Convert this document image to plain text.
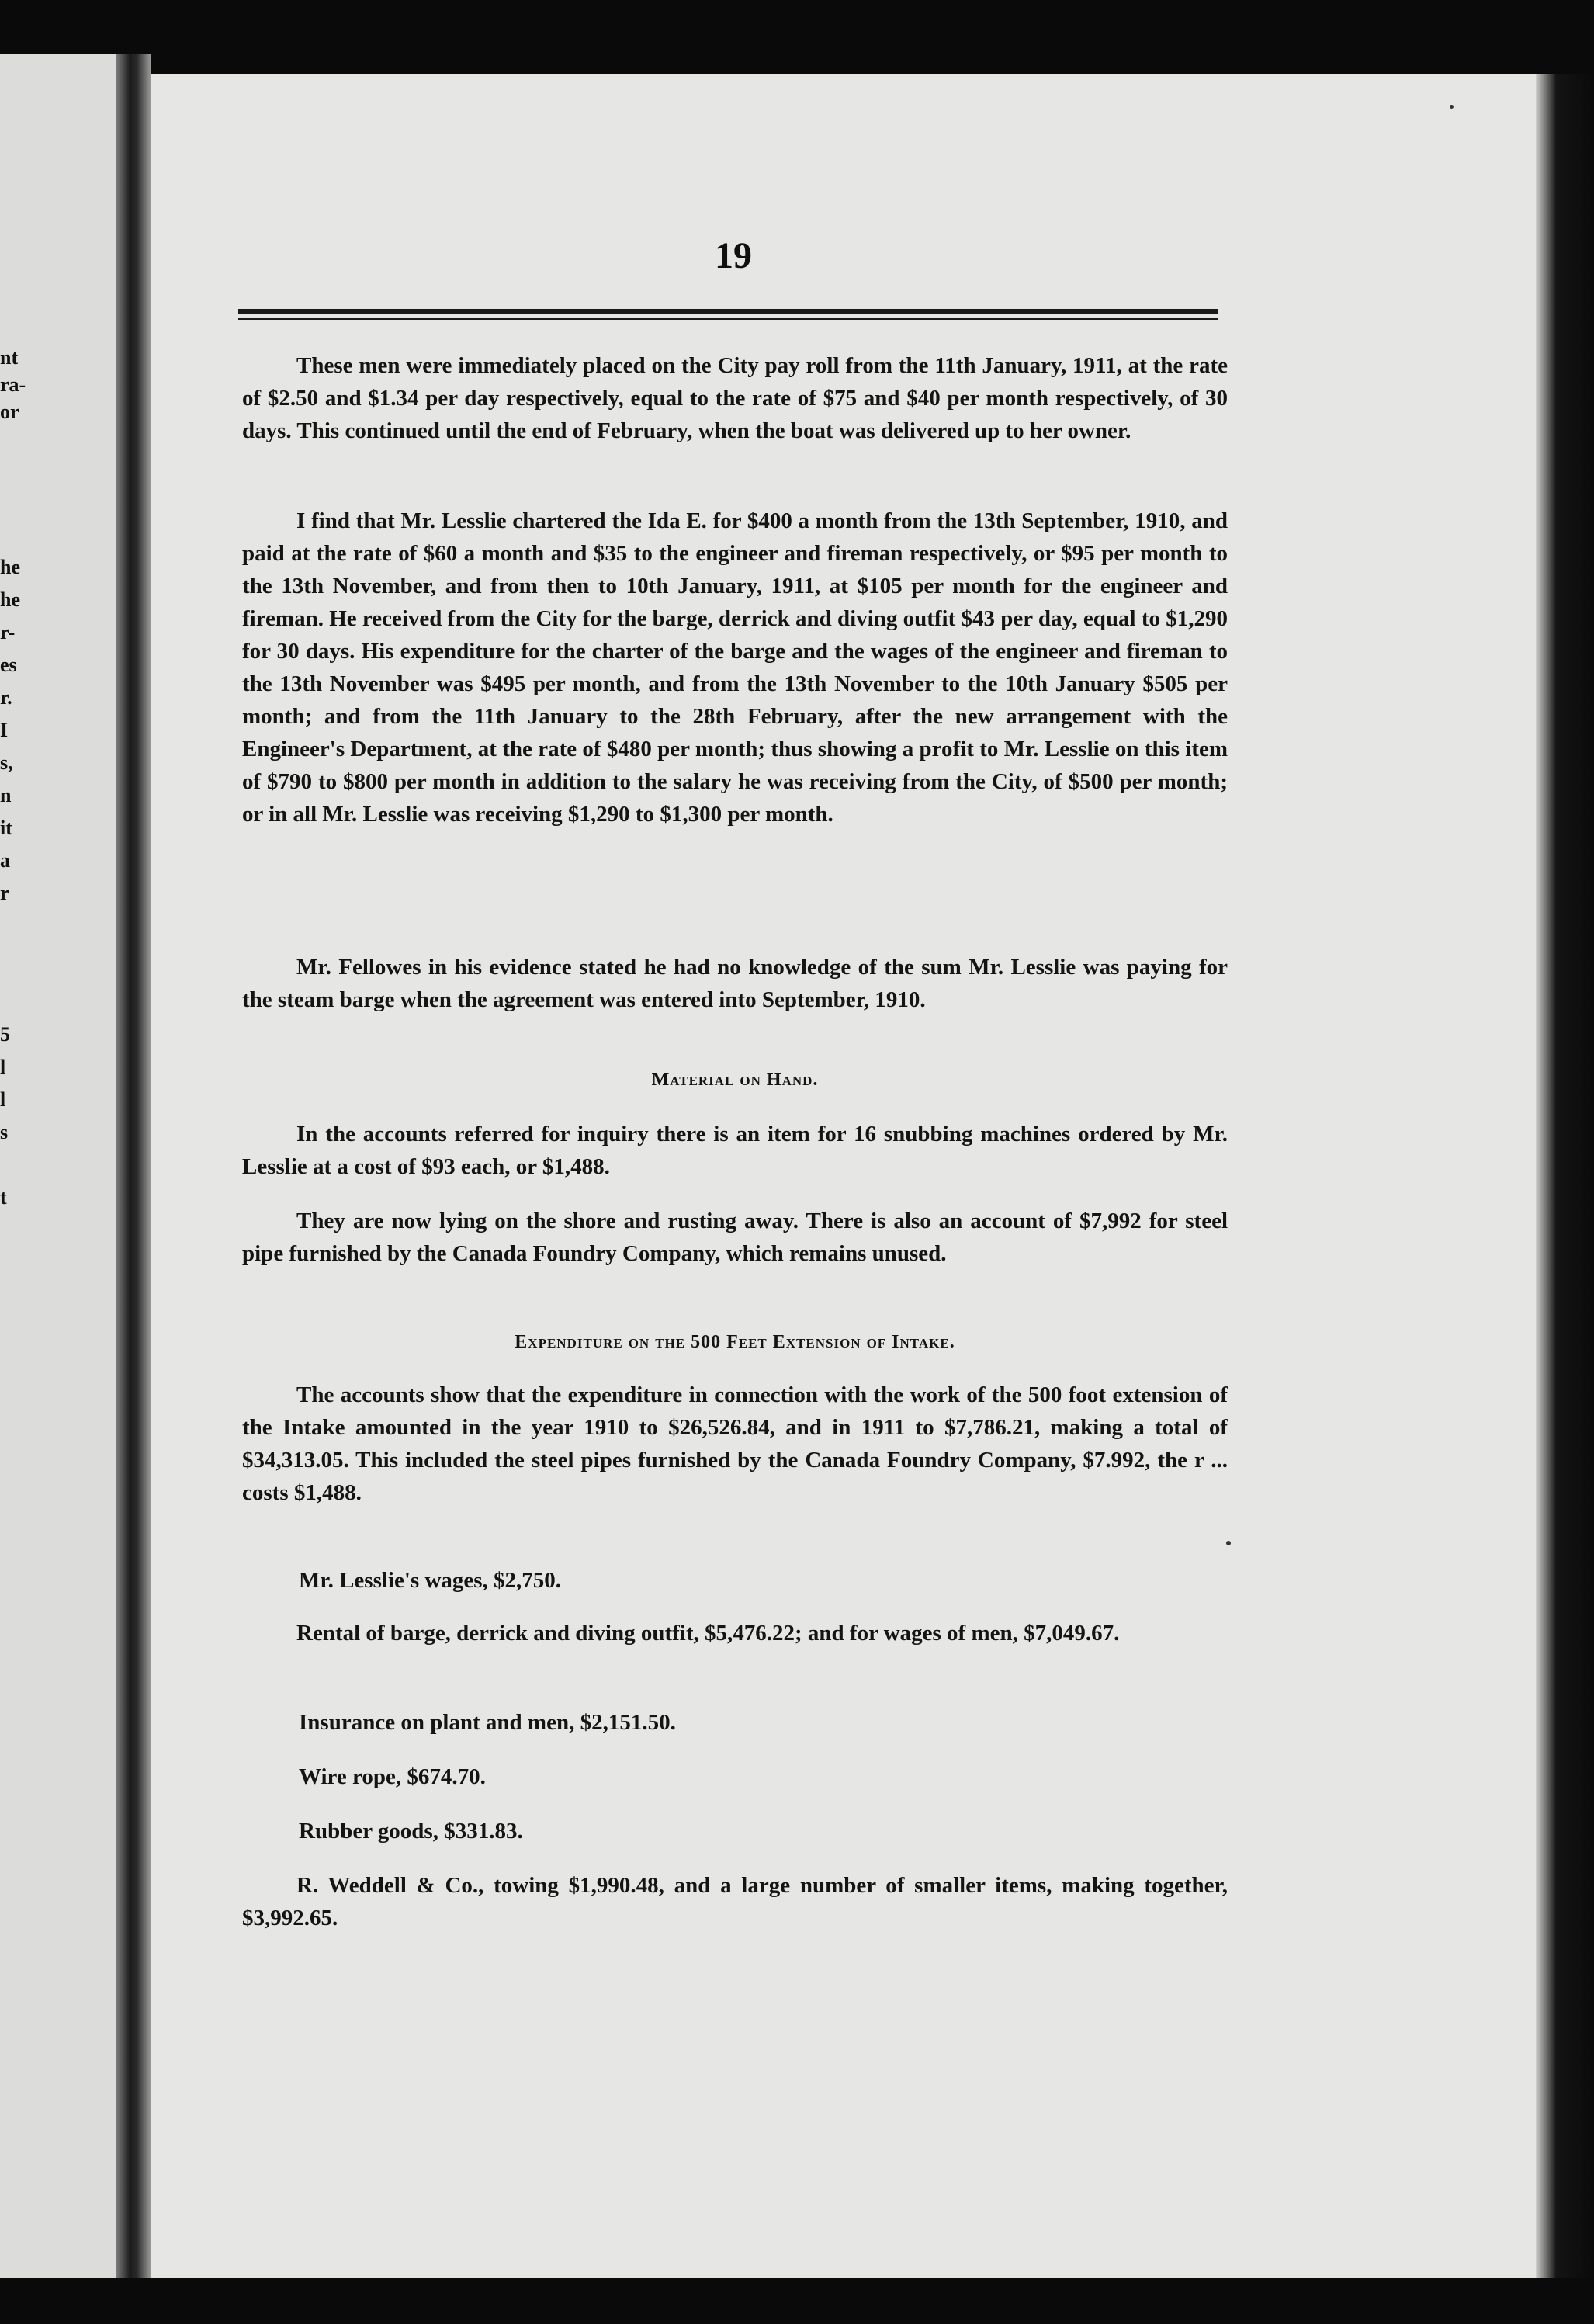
nt
ra-
or
he
he
r-
es
r.
I
s,
n
it
a
r
5
l
l
s
t
19
These men were immediately placed on the City pay roll from the 11th January, 1911, at the rate of $2.50 and $1.34 per day respectively, equal to the rate of $75 and $40 per month respectively, of 30 days. This continued until the end of February, when the boat was delivered up to her owner.
I find that Mr. Lesslie chartered the Ida E. for $400 a month from the 13th September, 1910, and paid at the rate of $60 a month and $35 to the engineer and fireman respectively, or $95 per month to the 13th November, and from then to 10th January, 1911, at $105 per month for the engineer and fireman. He received from the City for the barge, derrick and diving outfit $43 per day, equal to $1,290 for 30 days. His expenditure for the charter of the barge and the wages of the engineer and fireman to the 13th November was $495 per month, and from the 13th November to the 10th January $505 per month; and from the 11th January to the 28th February, after the new arrangement with the Engineer's Department, at the rate of $480 per month; thus showing a profit to Mr. Lesslie on this item of $790 to $800 per month in addition to the salary he was receiving from the City, of $500 per month; or in all Mr. Lesslie was receiving $1,290 to $1,300 per month.
Mr. Fellowes in his evidence stated he had no knowledge of the sum Mr. Lesslie was paying for the steam barge when the agreement was entered into September, 1910.
Material on Hand.
In the accounts referred for inquiry there is an item for 16 snubbing machines ordered by Mr. Lesslie at a cost of $93 each, or $1,488.
They are now lying on the shore and rusting away. There is also an account of $7,992 for steel pipe furnished by the Canada Foundry Company, which remains unused.
Expenditure on the 500 Feet Extension of Intake.
The accounts show that the expenditure in connection with the work of the 500 foot extension of the Intake amounted in the year 1910 to $26,526.84, and in 1911 to $7,786.21, making a total of $34,313.05. This included the steel pipes furnished by the Canada Foundry Company, $7.992, the r ... costs $1,488.
Mr. Lesslie's wages, $2,750.
Rental of barge, derrick and diving outfit, $5,476.22; and for wages of men, $7,049.67.
Insurance on plant and men, $2,151.50.
Wire rope, $674.70.
Rubber goods, $331.83.
R. Weddell & Co., towing $1,990.48, and a large number of smaller items, making together, $3,992.65.
